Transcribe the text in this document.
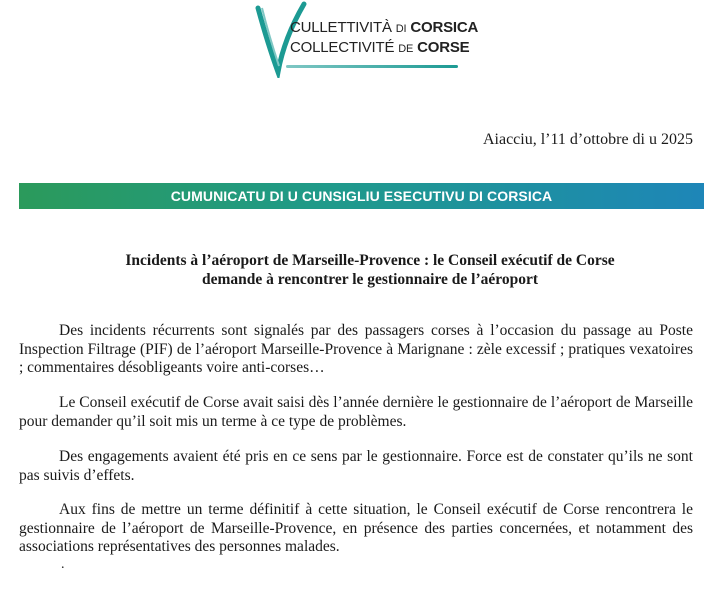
CULLETTIVITÀ DI CORSICA
COLLECTIVITÉ DE CORSE
Aiacciu, l’11 d’ottobre di u 2025
CUMUNICATU DI U CUNSIGLIU ESECUTIVU DI CORSICA
Incidents à l’aéroport de Marseille-Provence : le Conseil exécutif de Corse
demande à rencontrer le gestionnaire de l’aéroport

Des incidents récurrents sont signalés par des passagers corses à l’occasion du passage au Poste Inspection Filtrage (PIF) de l’aéroport Marseille-Provence à Marignane : zèle excessif ; pratiques vexatoires ; commentaires désobligeants voire anti-corses…

Le Conseil exécutif de Corse avait saisi dès l’année dernière le gestionnaire de l’aéroport de Marseille pour demander qu’il soit mis un terme à ce type de problèmes.

Des engagements avaient été pris en ce sens par le gestionnaire. Force est de constater qu’ils ne sont pas suivis d’effets.

Aux fins de mettre un terme définitif à cette situation, le Conseil exécutif de Corse rencontrera le gestionnaire de l’aéroport de Marseille-Provence, en présence des parties concernées, et notamment des associations représentatives des personnes malades.

.
